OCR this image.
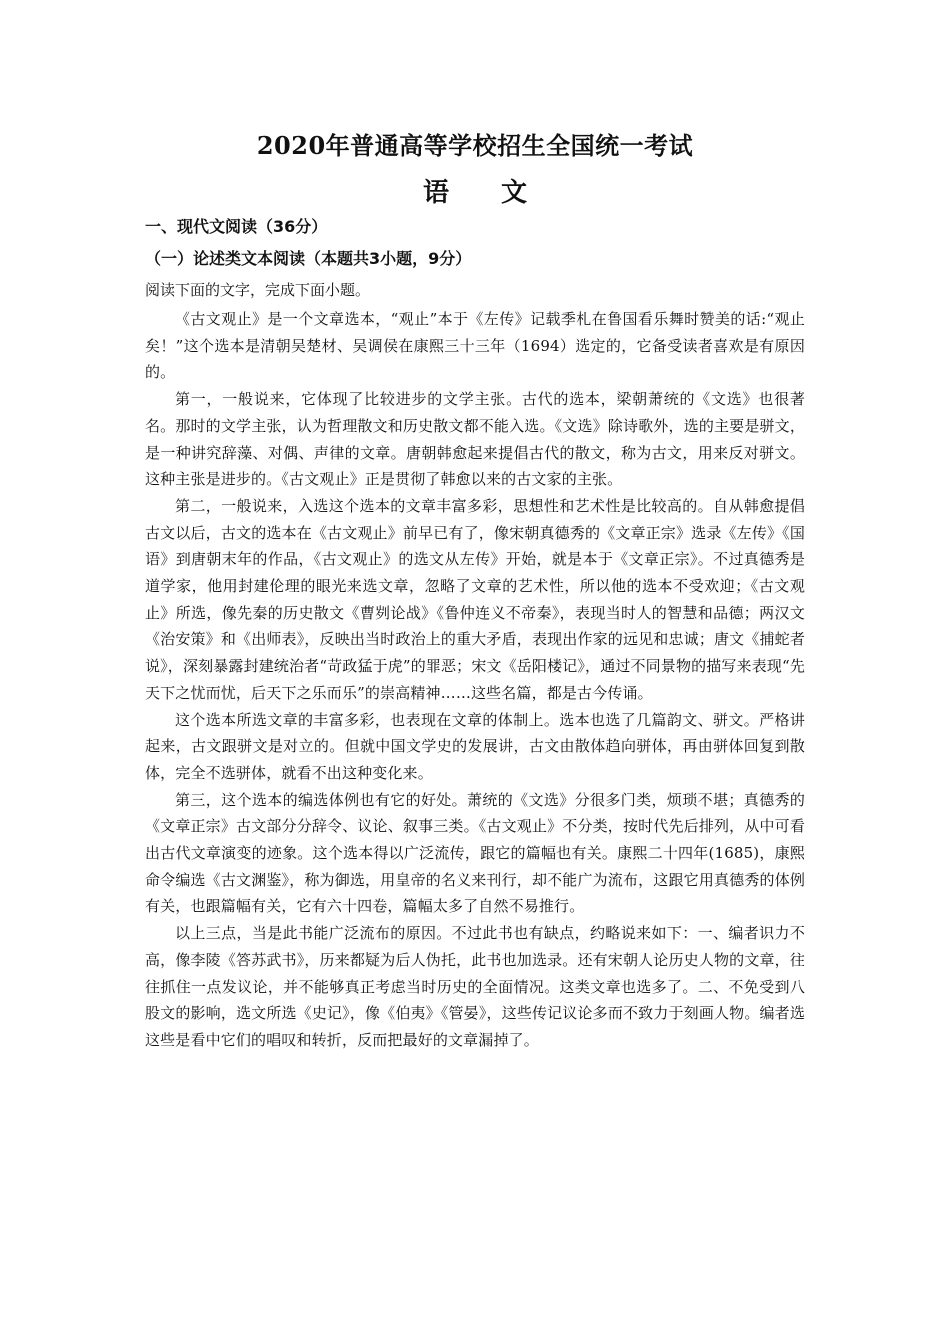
2020年普通高等学校招生全国统一考试
语 文
一、现代文阅读（36分）
（一）论述类文本阅读（本题共3小题，9分）
阅读下面的文字，完成下面小题。

《古文观止》是一个文章选本，“观止”本于《左传》记载季札在鲁国看乐舞时赞美的话:“观止矣！”这个选本是清朝吴楚材、吴调侯在康熙三十三年（1694）选定的，它备受读者喜欢是有原因的。

第一，一般说来，它体现了比较进步的文学主张。古代的选本，梁朝萧统的《文选》也很著名。那时的文学主张，认为哲理散文和历史散文都不能入选。《文选》除诗歌外，选的主要是骈文，是一种讲究辞藻、对偶、声律的文章。唐朝韩愈起来提倡古代的散文，称为古文，用来反对骈文。这种主张是进步的。《古文观止》正是贯彻了韩愈以来的古文家的主张。

第二，一般说来，入选这个选本的文章丰富多彩，思想性和艺术性是比较高的。自从韩愈提倡古文以后，古文的选本在《古文观止》前早已有了，像宋朝真德秀的《文章正宗》选录《左传》《国语》到唐朝末年的作品，《古文观止》的选文从左传》开始，就是本于《文章正宗》。不过真德秀是道学家，他用封建伦理的眼光来选文章，忽略了文章的艺术性，所以他的选本不受欢迎；《古文观止》所选，像先秦的历史散文《曹刿论战》《鲁仲连义不帝秦》，表现当时人的智慧和品德；两汉文《治安策》和《出师表》，反映出当时政治上的重大矛盾，表现出作家的远见和忠诚；唐文《捕蛇者说》，深刻暴露封建统治者“苛政猛于虎”的罪恶；宋文《岳阳楼记》，通过不同景物的描写来表现“先天下之忧而忧，后天下之乐而乐”的崇高精神……这些名篇，都是古今传诵。

这个选本所选文章的丰富多彩，也表现在文章的体制上。选本也选了几篇韵文、骈文。严格讲起来，古文跟骈文是对立的。但就中国文学史的发展讲，古文由散体趋向骈体，再由骈体回复到散体，完全不选骈体，就看不出这种变化来。

第三，这个选本的编选体例也有它的好处。萧统的《文选》分很多门类，烦琐不堪；真德秀的《文章正宗》古文部分分辞令、议论、叙事三类。《古文观止》不分类，按时代先后排列，从中可看出古代文章演变的迹象。这个选本得以广泛流传，跟它的篇幅也有关。康熙二十四年(1685)，康熙命令编选《古文渊鉴》，称为御选，用皇帝的名义来刊行，却不能广为流布，这跟它用真德秀的体例有关，也跟篇幅有关，它有六十四卷，篇幅太多了自然不易推行。

以上三点，当是此书能广泛流布的原因。不过此书也有缺点，约略说来如下：一、编者识力不高，像李陵《答苏武书》，历来都疑为后人伪托，此书也加选录。还有宋朝人论历史人物的文章，往往抓住一点发议论，并不能够真正考虑当时历史的全面情况。这类文章也选多了。二、不免受到八股文的影响，选文所选《史记》，像《伯夷》《管晏》，这些传记议论多而不致力于刻画人物。编者选这些是看中它们的唱叹和转折，反而把最好的文章漏掉了。
